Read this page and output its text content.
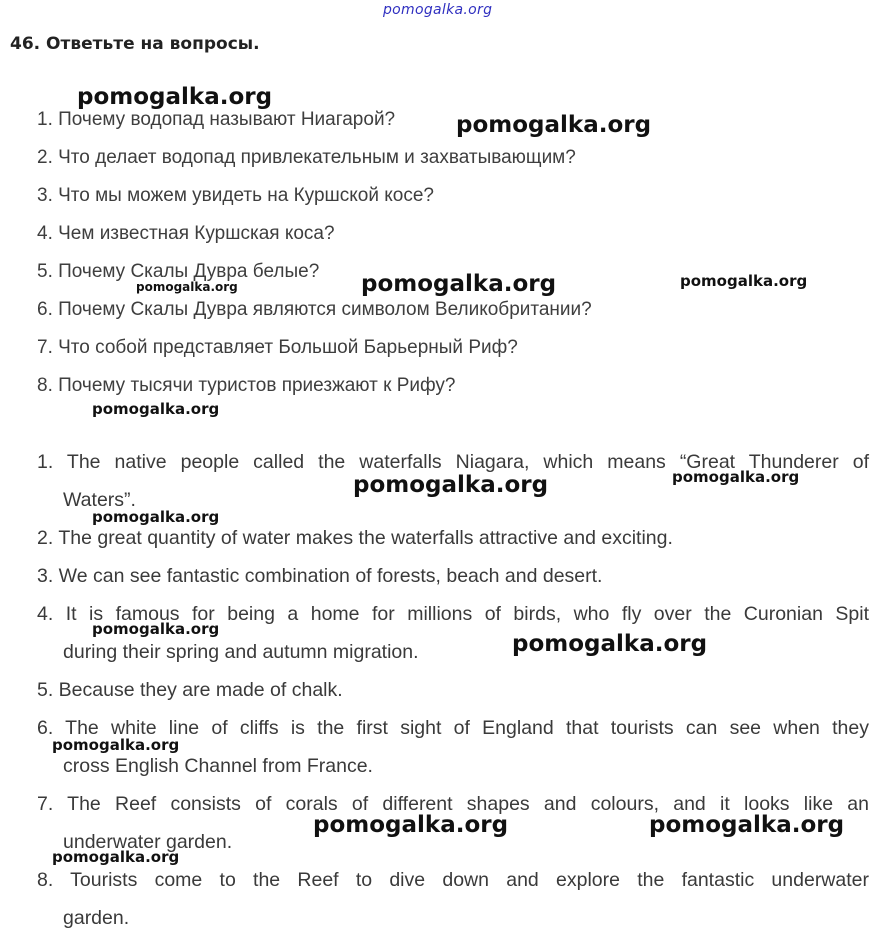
pomogalka.org
46. Ответьте на вопросы.
1. Почему водопад называют Ниагарой?
2. Что делает водопад привлекательным и захватывающим?
3. Что мы можем увидеть на Куршской косе?
4. Чем известная Куршская коса?
5. Почему Скалы Дувра белые?
6. Почему Скалы Дувра являются символом Великобритании?
7. Что собой представляет Большой Барьерный Риф?
8. Почему тысячи туристов приезжают к Рифу?
1. The native people called the waterfalls Niagara, which means “Great Thunderer of
Waters”.
2. The great quantity of water makes the waterfalls attractive and exciting.
3. We can see fantastic combination of forests, beach and desert.
4. It is famous for being a home for millions of birds, who fly over the Curonian Spit
during their spring and autumn migration.
5. Because they are made of chalk.
6. The white line of cliffs is the first sight of England that tourists can see when they
cross English Channel from France.
7. The Reef consists of corals of different shapes and colours, and it looks like an
underwater garden.
8. Tourists come to the Reef to dive down and explore the fantastic underwater
garden.
pomogalka.org
pomogalka.org
pomogalka.org	pomogalka.org	pomogalka.org
pomogalka.org
pomogalka.org	pomogalka.org
pomogalka.org
pomogalka.org
pomogalka.org
pomogalka.org
pomogalka.org	pomogalka.org
pomogalka.org
